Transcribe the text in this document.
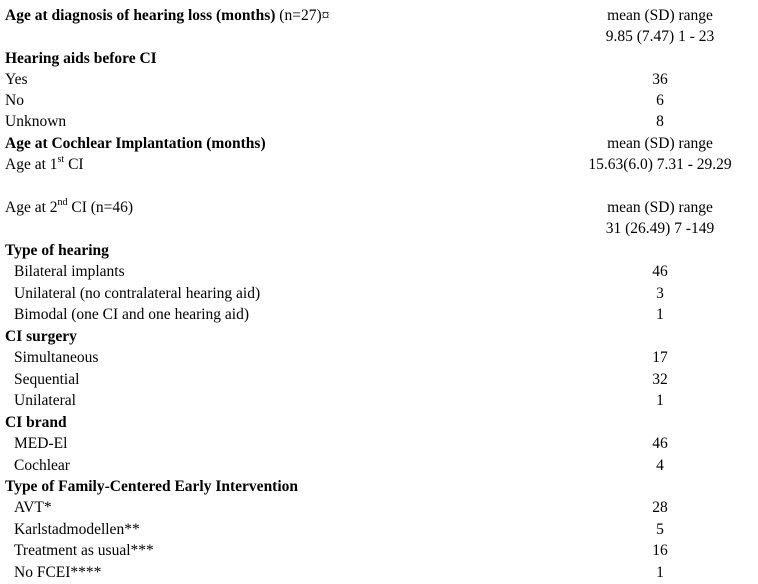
Age at diagnosis of hearing loss (months) (n=27)¤	mean (SD) range
9.85 (7.47) 1 - 23
Hearing aids before CI
Yes	36
No	6
Unknown	8
Age at Cochlear Implantation (months)	mean (SD) range
Age at 1st CI	15.63(6.0) 7.31 - 29.29
Age at 2nd CI (n=46)	mean (SD) range
31 (26.49) 7 -149
Type of hearing
Bilateral implants	46
Unilateral (no contralateral hearing aid)	3
Bimodal (one CI and one hearing aid)	1
CI surgery
Simultaneous	17
Sequential	32
Unilateral	1
CI brand
MED-El	46
Cochlear	4
Type of Family-Centered Early Intervention
AVT*	28
Karlstadmodellen**	5
Treatment as usual***	16
No FCEI****	1
